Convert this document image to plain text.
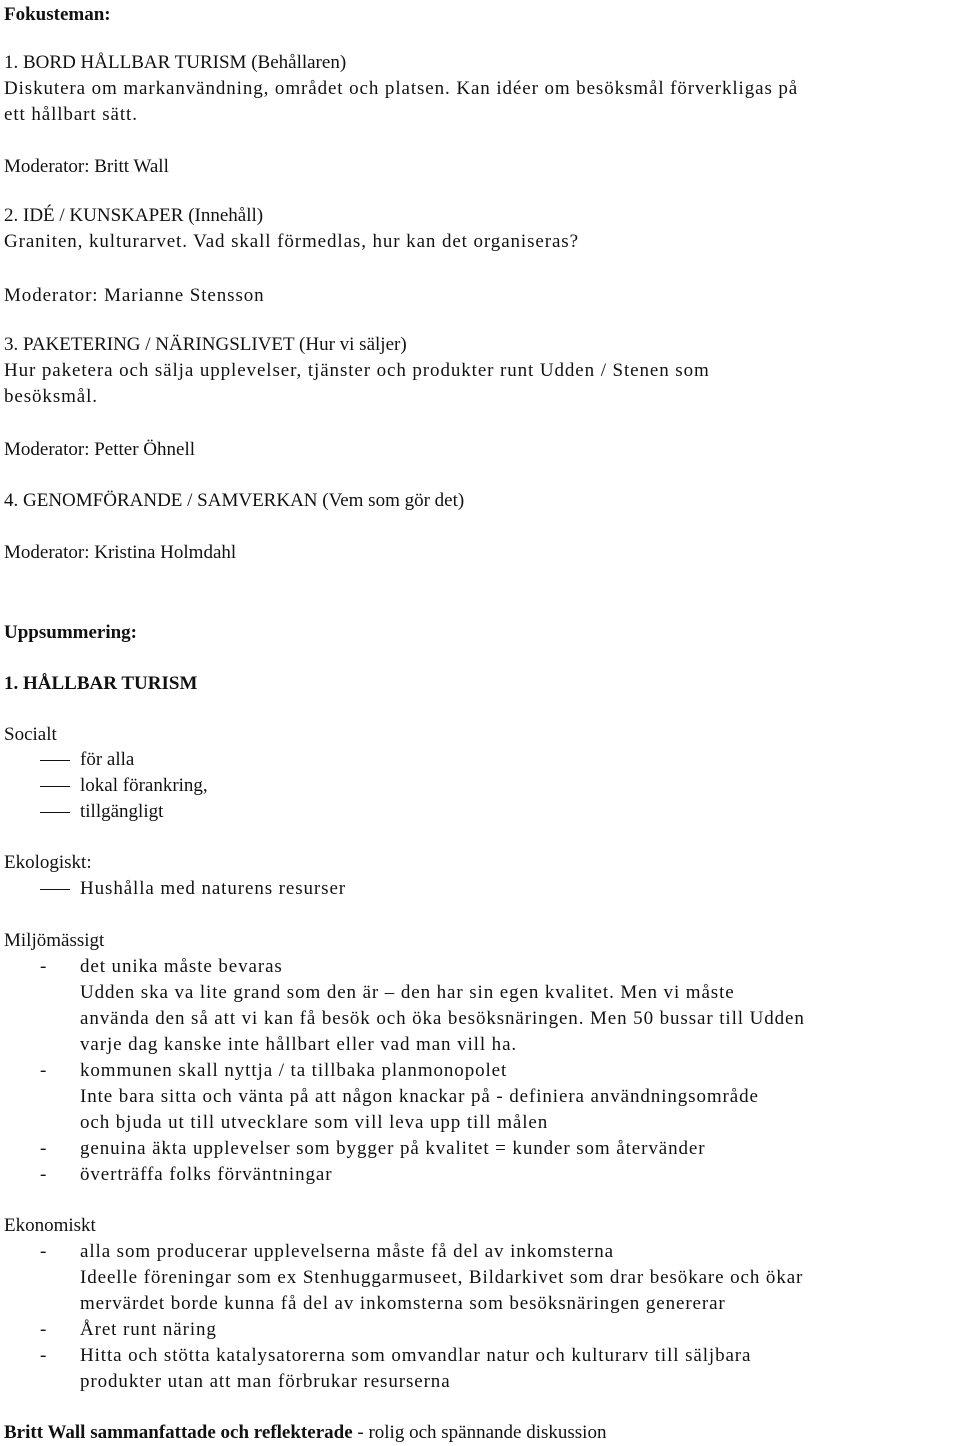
Fokusteman:
1. BORD HÅLLBAR TURISM (Behållaren)
Diskutera om markanvändning, området och platsen. Kan idéer om besöksmål förverkligas på
ett hållbart sätt.
Moderator: Britt Wall
2. IDÉ / KUNSKAPER (Innehåll)
Graniten, kulturarvet. Vad skall förmedlas, hur kan det organiseras?
Moderator: Marianne Stensson
3. PAKETERING / NÄRINGSLIVET (Hur vi säljer)
Hur paketera och sälja upplevelser, tjänster och produkter runt Udden / Stenen som
besöksmål.
Moderator: Petter Öhnell
4. GENOMFÖRANDE / SAMVERKAN (Vem som gör det)
Moderator: Kristina Holmdahl
Uppsummering:
1. HÅLLBAR TURISM
Socialt
för alla
lokal förankring,
tillgängligt
Ekologiskt:
Hushålla med naturens resurser
Miljömässigt
- det unika måste bevaras
Udden ska va lite grand som den är – den har sin egen kvalitet. Men vi måste
använda den så att vi kan få besök och öka besöksnäringen. Men 50 bussar till Udden
varje dag kanske inte hållbart eller vad man vill ha.
- kommunen skall nyttja / ta tillbaka planmonopolet
Inte bara sitta och vänta på att någon knackar på - definiera användningsområde
och bjuda ut till utvecklare som vill leva upp till målen
- genuina äkta upplevelser som bygger på kvalitet = kunder som återvänder
- överträffa folks förväntningar
Ekonomiskt
- alla som producerar upplevelserna måste få del av inkomsterna
Ideelle föreningar som ex Stenhuggarmuseet, Bildarkivet som drar besökare och ökar
mervärdet borde kunna få del av inkomsterna som besöksnäringen genererar
- Året runt näring
- Hitta och stötta katalysatorerna som omvandlar natur och kulturarv till säljbara
produkter utan att man förbrukar resurserna
Britt Wall sammanfattade och reflekterade - rolig och spännande diskussion
